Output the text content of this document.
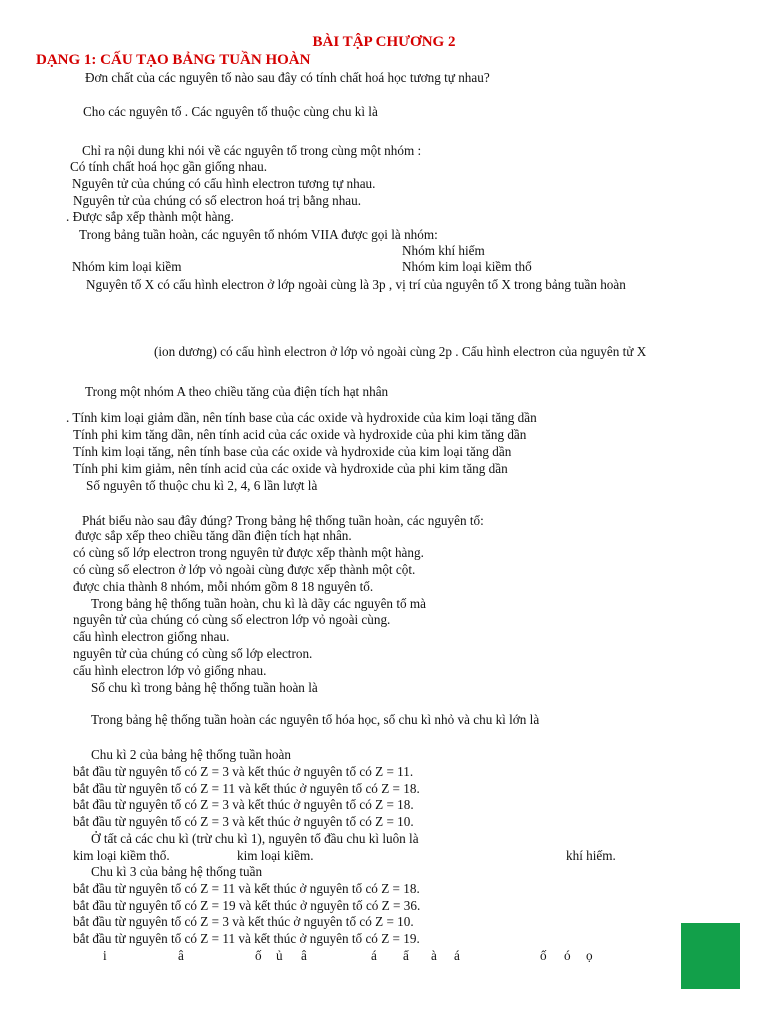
BÀI TẬP CHƯƠNG 2
DẠNG 1: CẤU TẠO BẢNG TUẦN HOÀN
Đơn chất của các nguyên tố nào sau đây có tính chất hoá học tương tự nhau?
Cho các nguyên tố . Các nguyên tố thuộc cùng chu kì là
Chỉ ra nội dung khi nói về các nguyên tố trong cùng một nhóm :
Có tính chất hoá học gần giống nhau.
Nguyên tử của chúng có cấu hình electron tương tự nhau.
Nguyên tử của chúng có số electron hoá trị bằng nhau.
. Được sắp xếp thành một hàng.
Trong bảng tuần hoàn, các nguyên tố nhóm VIIA được gọi là nhóm:
Nhóm khí hiếm
Nhóm kim loại kiềm	Nhóm kim loại kiềm thổ
Nguyên tố X có cấu hình electron ở lớp ngoài cùng là 3p , vị trí của nguyên tố X trong bảng tuần hoàn
(ion dương) có cấu hình electron ở lớp vỏ ngoài cùng 2p . Cấu hình electron của nguyên tử X
Trong một nhóm A theo chiều tăng của điện tích hạt nhân
. Tính kim loại giảm dần, nên tính base của các oxide và hydroxide của kim loại tăng dần
Tính phi kim tăng dần, nên tính acid của các oxide và hydroxide của phi kim tăng dần
Tính kim loại tăng, nên tính base của các oxide và hydroxide của kim loại tăng dần
Tính phi kim giảm, nên tính acid của các oxide và hydroxide của phi kim tăng dần
Số nguyên tố thuộc chu kì 2, 4, 6 lần lượt là
Phát biểu nào sau đây đúng? Trong bảng hệ thống tuần hoàn, các nguyên tố:
được sắp xếp theo chiều tăng dần điện tích hạt nhân.
có cùng số lớp electron trong nguyên tử được xếp thành một hàng.
có cùng số electron ở lớp vỏ ngoài cùng được xếp thành một cột.
được chia thành 8 nhóm, mỗi nhóm gồm 8 18 nguyên tố.
Trong bảng hệ thống tuần hoàn, chu kì là dãy các nguyên tố mà
nguyên tử của chúng có cùng số electron lớp vỏ ngoài cùng.
cấu hình electron giống nhau.
nguyên tử của chúng có cùng số lớp electron.
cấu hình electron lớp vỏ giống nhau.
Số chu kì trong bảng hệ thống tuần hoàn là
Trong bảng hệ thống tuần hoàn các nguyên tố hóa học, số chu kì nhỏ và chu kì lớn là
Chu kì 2 của bảng hệ thống tuần hoàn
bắt đầu từ nguyên tố có Z = 3 và kết thúc ở nguyên tố có Z = 11.
bắt đầu từ nguyên tố có Z = 11 và kết thúc ở nguyên tố có Z = 18.
bắt đầu từ nguyên tố có Z = 3 và kết thúc ở nguyên tố có Z = 18.
bắt đầu từ nguyên tố có Z = 3 và kết thúc ở nguyên tố có Z = 10.
Ở tất cả các chu kì (trừ chu kì 1), nguyên tố đầu chu kì luôn là
kim loại kiềm thổ.	kim loại kiềm.	khí hiếm.
Chu kì 3 của bảng hệ thống tuần
bắt đầu từ nguyên tố có Z = 11 và kết thúc ở nguyên tố có Z = 18.
bắt đầu từ nguyên tố có Z = 19 và kết thúc ở nguyên tố có Z = 36.
bắt đầu từ nguyên tố có Z = 3 và kết thúc ở nguyên tố có Z = 10.
bắt đầu từ nguyên tố có Z = 11 và kết thúc ở nguyên tố có Z = 19.
i	â	ố ủ â	á ẩ à á	ố ó ọ
